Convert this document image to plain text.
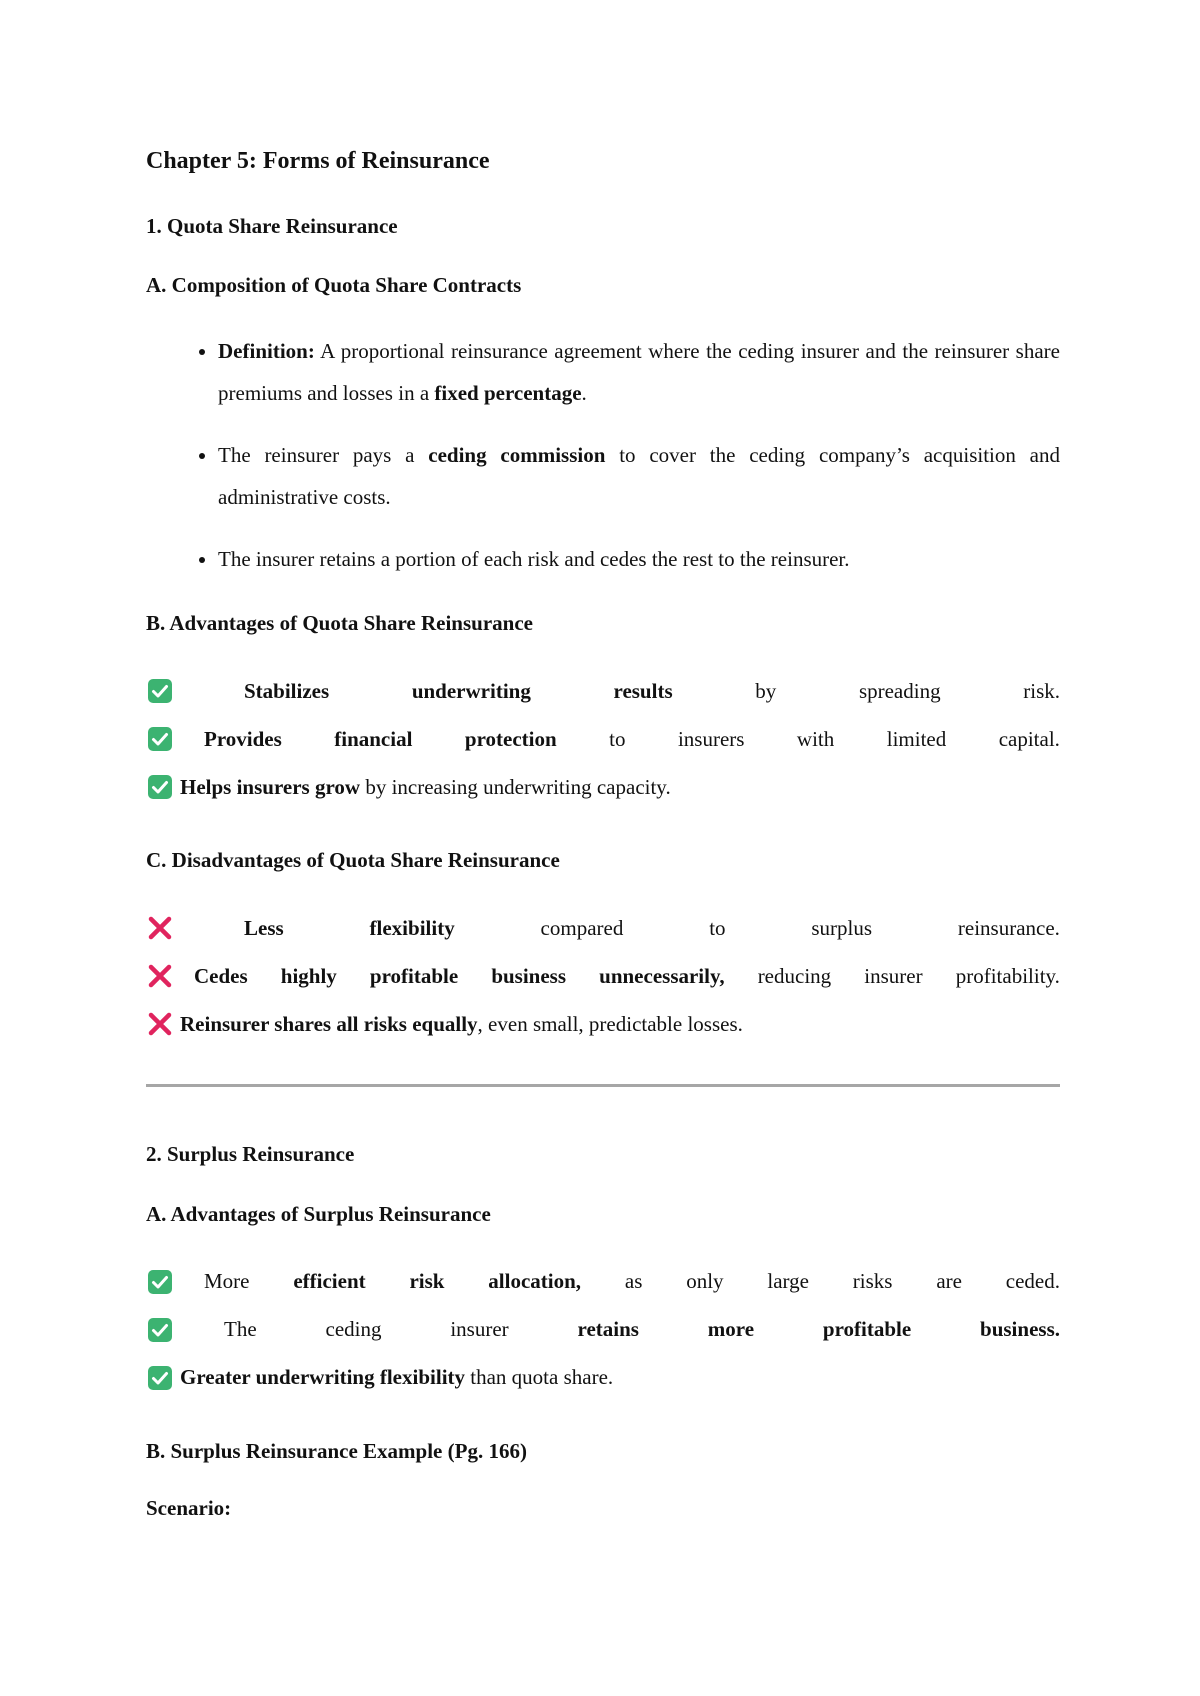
Chapter 5: Forms of Reinsurance
1. Quota Share Reinsurance
A. Composition of Quota Share Contracts
• Definition: A proportional reinsurance agreement where the ceding insurer and the reinsurer share premiums and losses in a fixed percentage.
• The reinsurer pays a ceding commission to cover the ceding company’s acquisition and administrative costs.
• The insurer retains a portion of each risk and cedes the rest to the reinsurer.
B. Advantages of Quota Share Reinsurance
Stabilizes	underwriting	results	by	spreading	risk.
Provides financial protection to insurers with limited capital.
Helps insurers grow by increasing underwriting capacity.
C. Disadvantages of Quota Share Reinsurance
Less	flexibility	compared	to	surplus	reinsurance.
Cedes highly profitable business unnecessarily, reducing insurer profitability.
Reinsurer shares all risks equally, even small, predictable losses.
2. Surplus Reinsurance
A. Advantages of Surplus Reinsurance
More efficient risk allocation, as only large risks are ceded.
The	ceding	insurer	retains	more	profitable	business.
Greater underwriting flexibility than quota share.
B. Surplus Reinsurance Example (Pg. 166)
Scenario:
